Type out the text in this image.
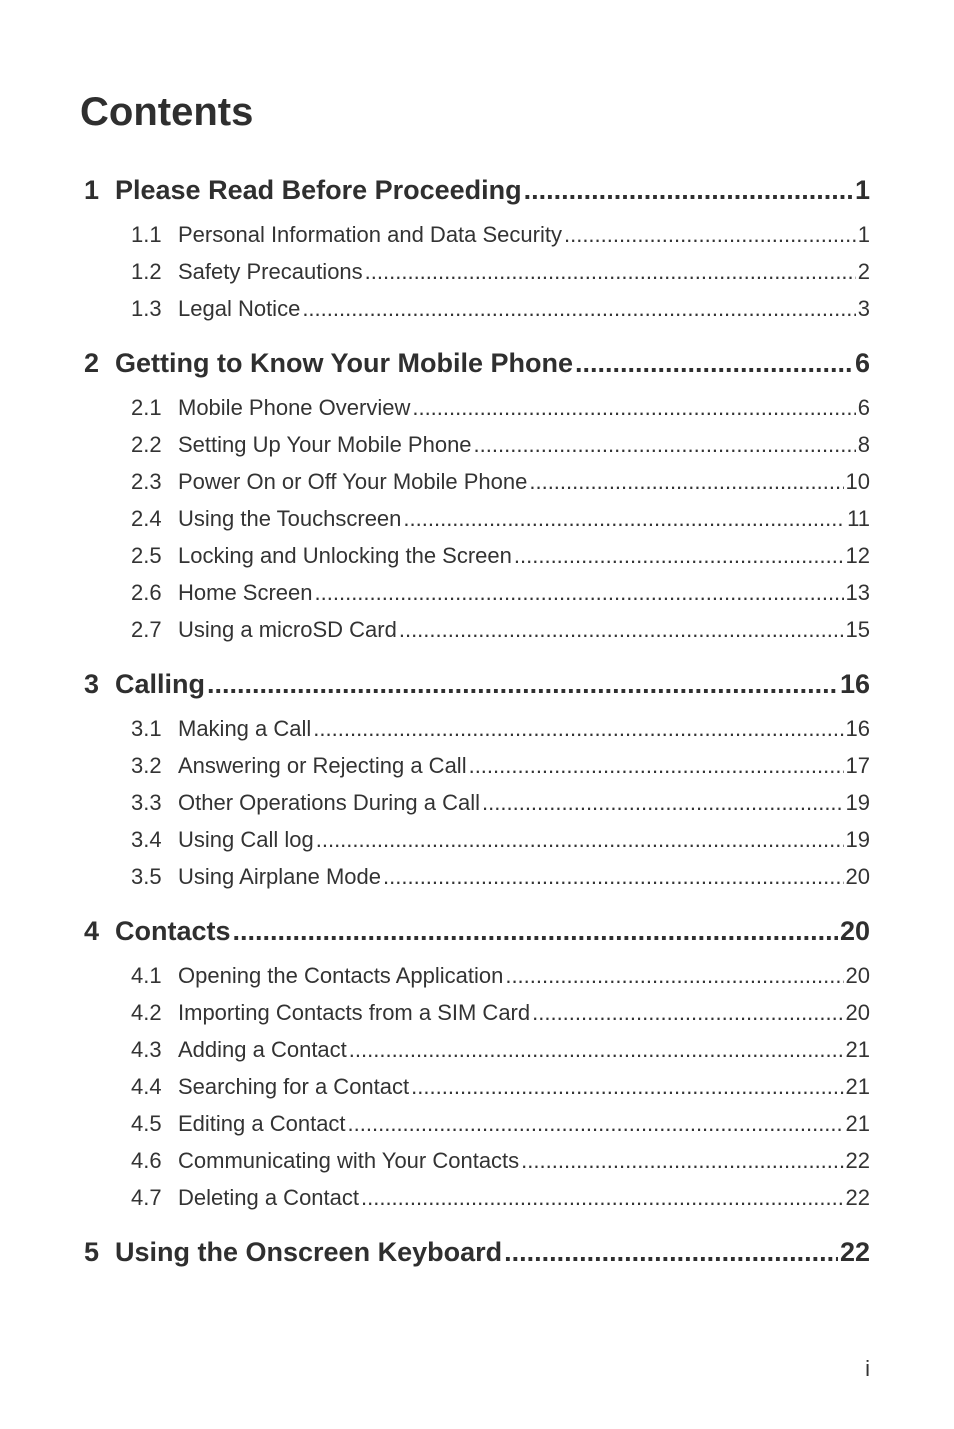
Contents
1 Please Read Before Proceeding .....	1
1.1 Personal Information and Data Security .....	1
1.2 Safety Precautions .....	2
1.3 Legal Notice .....	3
2 Getting to Know Your Mobile Phone .....	6
2.1 Mobile Phone Overview .....	6
2.2 Setting Up Your Mobile Phone .....	8
2.3 Power On or Off Your Mobile Phone .....	10
2.4 Using the Touchscreen .....	11
2.5 Locking and Unlocking the Screen .....	12
2.6 Home Screen .....	13
2.7 Using a microSD Card .....	15
3 Calling .....	16
3.1 Making a Call .....	16
3.2 Answering or Rejecting a Call .....	17
3.3 Other Operations During a Call .....	19
3.4 Using Call log .....	19
3.5 Using Airplane Mode .....	20
4 Contacts .....	20
4.1 Opening the Contacts Application .....	20
4.2 Importing Contacts from a SIM Card .....	20
4.3 Adding a Contact .....	21
4.4 Searching for a Contact .....	21
4.5 Editing a Contact .....	21
4.6 Communicating with Your Contacts .....	22
4.7 Deleting a Contact .....	22
5 Using the Onscreen Keyboard .....	22
i
